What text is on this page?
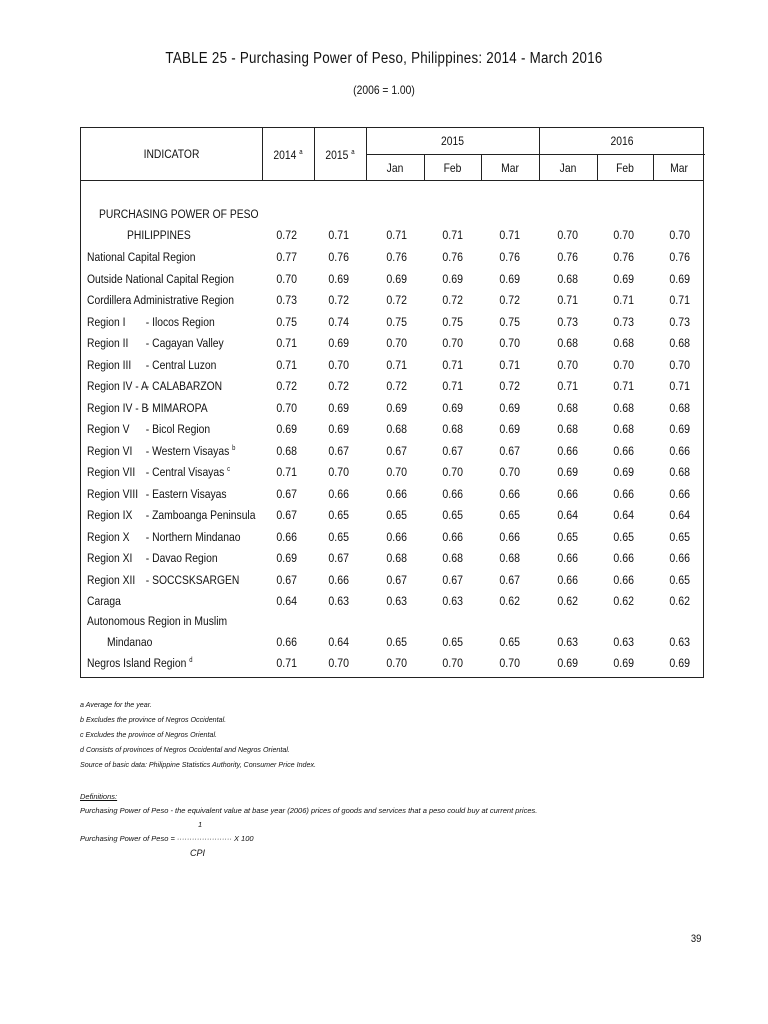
TABLE 25 - Purchasing Power of Peso, Philippines: 2014 - March 2016
(2006 = 1.00)
INDICATOR	2014 $^a$	2015 $^a$
2015	2016
Jan	Feb	Mar	Jan	Feb	Mar
PURCHASING POWER OF PESO
PHILIPPINES	0.72	0.71	0.71	0.71	0.71	0.70	0.70	0.70
National Capital Region	0.77	0.76	0.76	0.76	0.76	0.76	0.76	0.76
Outside National Capital Region	0.70	0.69	0.69	0.69	0.69	0.68	0.69	0.69
Cordillera Administrative Region	0.73	0.72	0.72	0.72	0.72	0.71	0.71	0.71
Region I - Ilocos Region	0.75	0.74	0.75	0.75	0.75	0.73	0.73	0.73
Region II - Cagayan Valley	0.71	0.69	0.70	0.70	0.70	0.68	0.68	0.68
Region III - Central Luzon	0.71	0.70	0.71	0.71	0.71	0.70	0.70	0.70
Region IV - A- CALABARZON	0.72	0.72	0.72	0.71	0.72	0.71	0.71	0.71
Region IV - B- MIMAROPA	0.70	0.69	0.69	0.69	0.69	0.68	0.68	0.68
Region V - Bicol Region	0.69	0.69	0.68	0.68	0.69	0.68	0.68	0.69
Region VI - Western Visayas $^b$	0.68	0.67	0.67	0.67	0.67	0.66	0.66	0.66
Region VII - Central Visayas $^c$	0.71	0.70	0.70	0.70	0.70	0.69	0.69	0.68
Region VIII - Eastern Visayas	0.67	0.66	0.66	0.66	0.66	0.66	0.66	0.66
Region IX - Zamboanga Peninsula	0.67	0.65	0.65	0.65	0.65	0.64	0.64	0.64
Region X - Northern Mindanao	0.66	0.65	0.66	0.66	0.66	0.65	0.65	0.65
Region XI - Davao Region	0.69	0.67	0.68	0.68	0.68	0.66	0.66	0.66
Region XII - SOCCSKSARGEN	0.67	0.66	0.67	0.67	0.67	0.66	0.66	0.65
Caraga	0.64	0.63	0.63	0.63	0.62	0.62	0.62	0.62
Autonomous Region in Muslim
Mindanao	0.66	0.64	0.65	0.65	0.65	0.63	0.63	0.63
Negros Island Region $^d$	0.71	0.70	0.70	0.70	0.70	0.69	0.69	0.69
a Average for the year.
b Excludes the province of Negros Occidental.
c Excludes the province of Negros Oriental.
d Consists of provinces of Negros Occidental and Negros Oriental.
Source of basic data: Philippine Statistics Authority, Consumer Price Index.
Definitions:
Purchasing Power of Peso - the equivalent value at base year (2006) prices of goods and services that a peso could buy at current prices.
1
Purchasing Power of Peso = ······················ X 100
CPI
39
